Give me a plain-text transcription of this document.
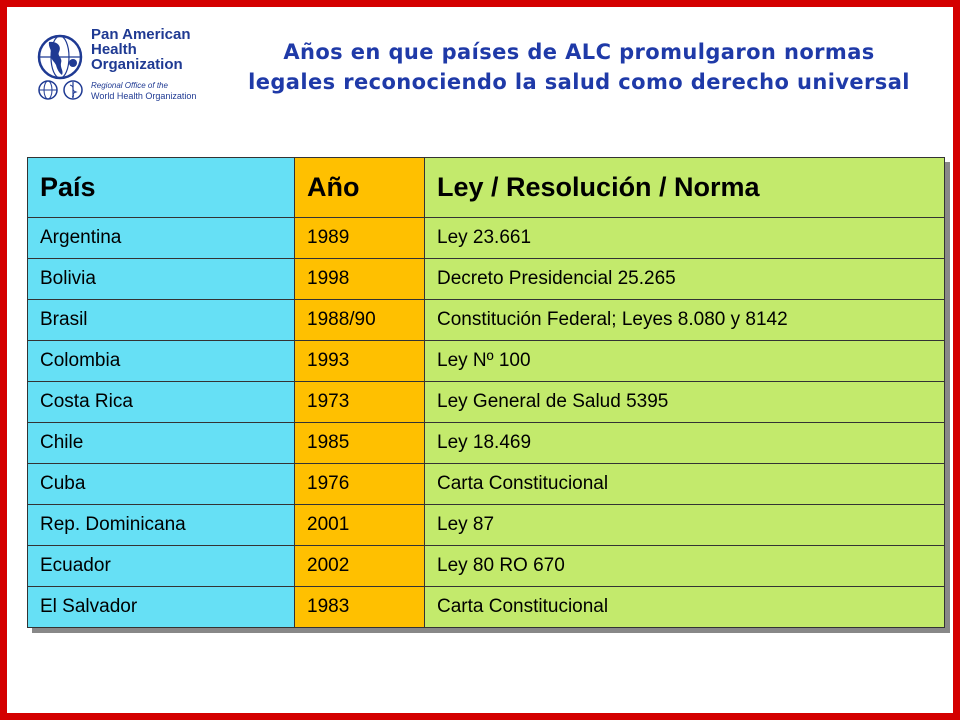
Pan American
Health
Organization
Regional Office of the
World Health Organization
Años en que países de ALC promulgaron normas legales reconociendo la salud como derecho universal
País	Año	Ley / Resolución / Norma
Argentina	1989	Ley 23.661
Bolivia	1998	Decreto Presidencial 25.265
Brasil	1988/90	Constitución Federal; Leyes 8.080 y 8142
Colombia	1993	Ley Nº 100
Costa Rica	1973	Ley General de Salud 5395
Chile	1985	Ley 18.469
Cuba	1976	Carta Constitucional
Rep. Dominicana	2001	Ley 87
Ecuador	2002	Ley 80 RO 670
El Salvador	1983	Carta Constitucional
